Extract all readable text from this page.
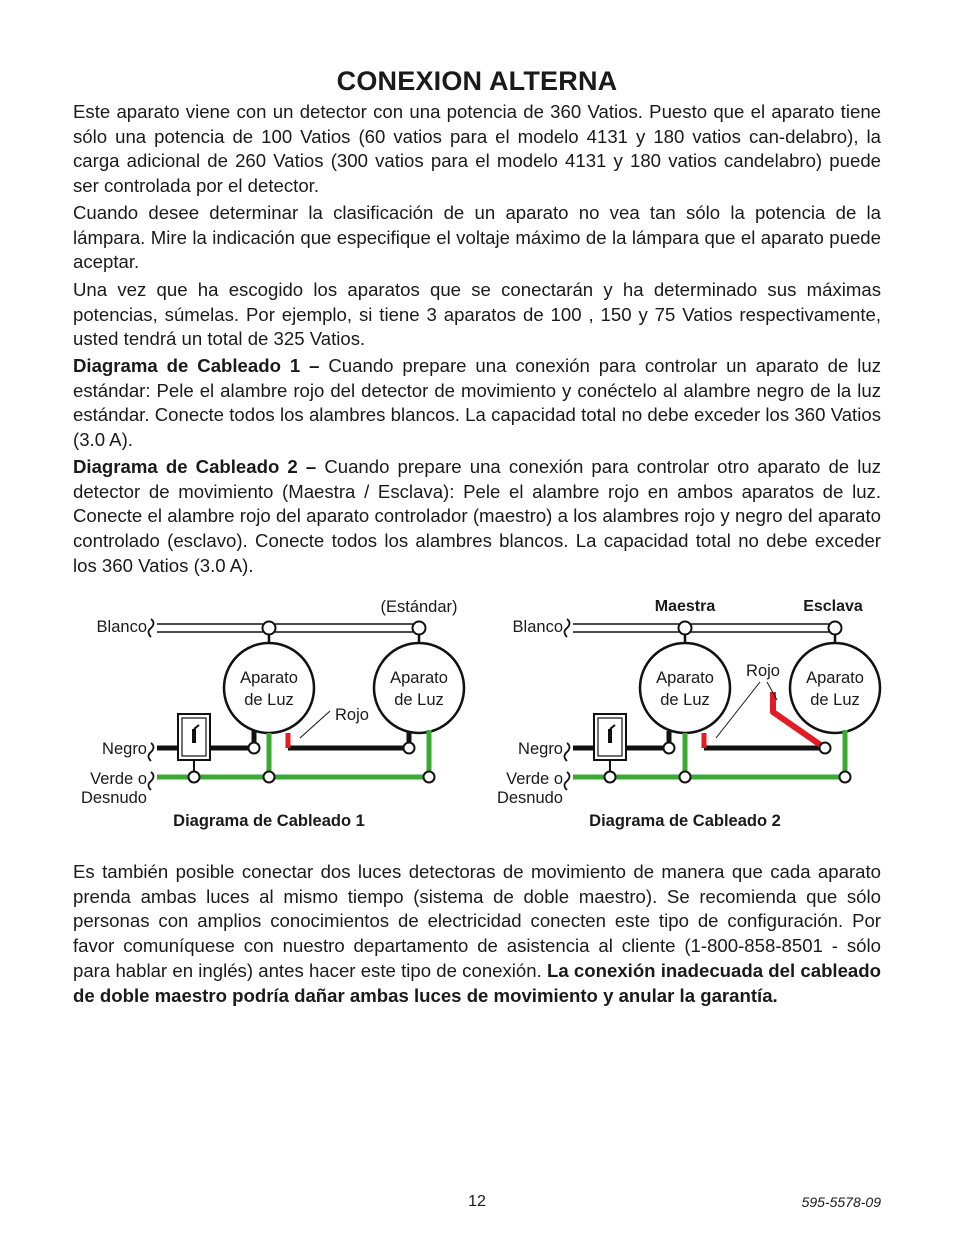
CONEXION ALTERNA

Este aparato viene con un detector con una potencia de 360 Vatios. Puesto que el aparato tiene sólo una potencia de 100 Vatios (60 vatios para el modelo 4131 y 180 vatios can-delabro), la carga adicional de 260 Vatios (300 vatios para el modelo 4131 y 180 vatios candelabro) puede ser controlada por el detector.

Cuando desee determinar la clasificación de un aparato no vea tan sólo la potencia de la lámpara. Mire la indicación que especifique el voltaje máximo de la lámpara que el aparato puede aceptar.

Una vez que ha escogido los aparatos que se conectarán y ha determinado sus máximas potencias, súmelas. Por ejemplo, si tiene 3 aparatos de 100 , 150 y 75 Vatios respectivamente, usted tendrá un total de 325 Vatios.

Diagrama de Cableado 1 – Cuando prepare una conexión para controlar un aparato de luz estándar: Pele el alambre rojo del detector de movimiento y conéctelo al alambre negro de la luz estándar. Conecte todos los alambres blancos. La capacidad total no debe exceder los 360 Vatios (3.0 A).

Diagrama de Cableado 2 – Cuando prepare una conexión para controlar otro aparato de luz detector de movimiento (Maestra / Esclava): Pele el alambre rojo en ambos aparatos de luz. Conecte el alambre rojo del aparato controlador (maestro) a los alambres rojo y negro del aparato controlado (esclavo). Conecte todos los alambres blancos. La capacidad total no debe exceder los 360 Vatios (3.0 A).

Aparato
de Luz
Aparato
de Luz
Blanco
Negro
Verde o
Desnudo
(Estándar)
Rojo
Diagrama de Cableado 1
Aparato
de Luz
Aparato
de Luz
Blanco
Negro
Verde o
Desnudo
Maestra	Esclava
Rojo
Diagrama de Cableado 2

Es también posible conectar dos luces detectoras de movimiento de manera que cada aparato prenda ambas luces al mismo tiempo (sistema de doble maestro). Se recomienda que sólo personas con amplios conocimientos de electricidad conecten este tipo de configuración. Por favor comuníquese con nuestro departamento de asistencia al cliente (1-800-858-8501 - sólo para hablar en inglés) antes hacer este tipo de conexión. La conexión inadecuada del cableado de doble maestro podría dañar ambas luces de movimiento y anular la garantía.

12	595-5578-09
